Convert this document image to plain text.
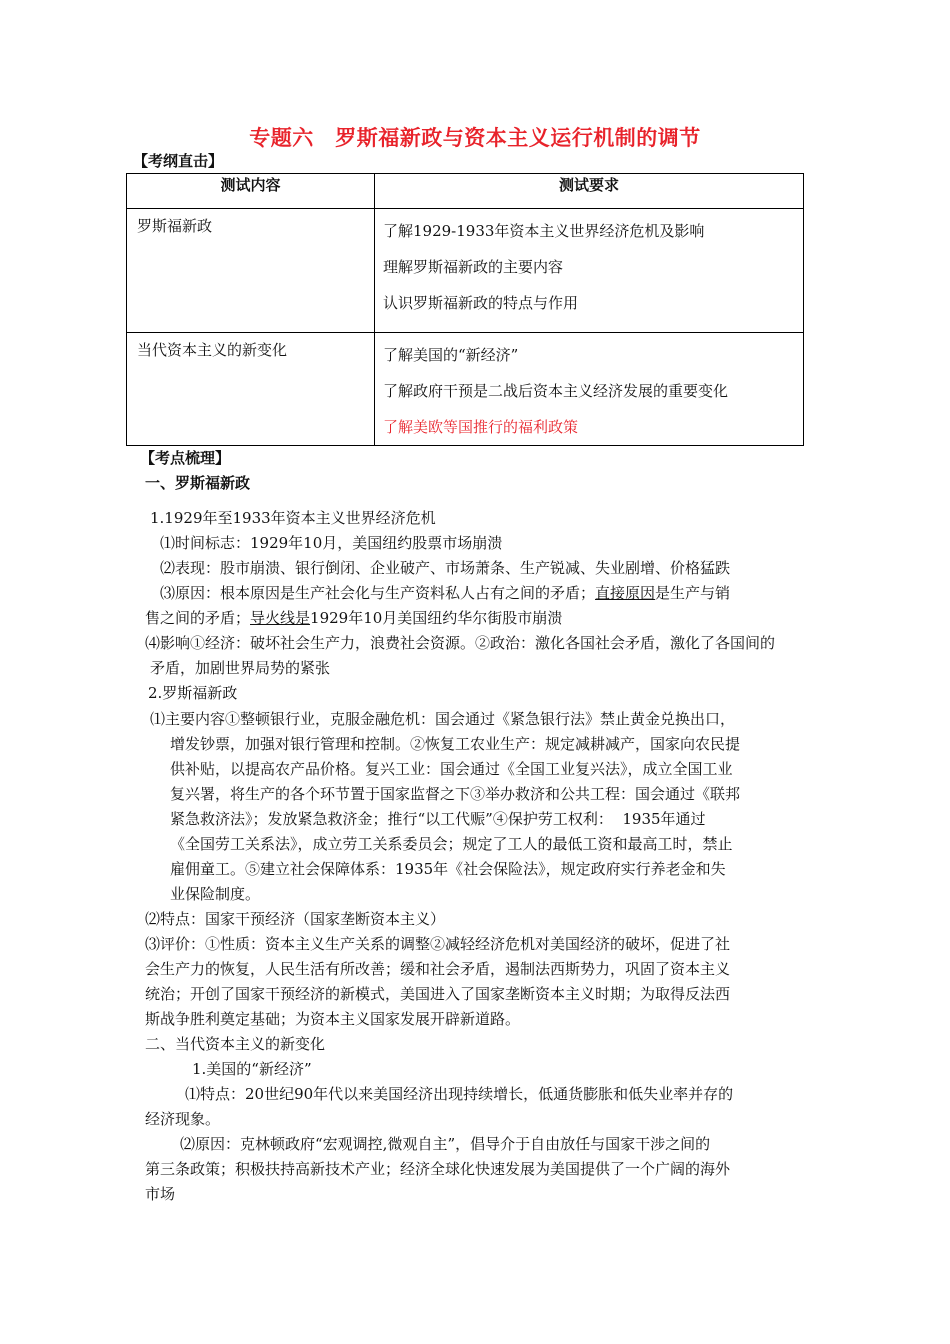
专题六　罗斯福新政与资本主义运行机制的调节
【考纲直击】
测试内容	测试要求
罗斯福新政	了解1929-1933年资本主义世界经济危机及影响

理解罗斯福新政的主要内容

认识罗斯福新政的特点与作用

当代资本主义的新变化	了解美国的“新经济”

了解政府干预是二战后资本主义经济发展的重要变化

了解美欧等国推行的福利政策

【考点梳理】
一、罗斯福新政
1.1929年至1933年资本主义世界经济危机
⑴时间标志：1929年10月，美国纽约股票市场崩溃
⑵表现：股市崩溃、银行倒闭、企业破产、市场萧条、生产锐减、失业剧增、价格猛跌
⑶原因：根本原因是生产社会化与生产资料私人占有之间的矛盾；直接原因是生产与销
售之间的矛盾；导火线是1929年10月美国纽约华尔街股市崩溃
⑷影响①经济：破坏社会生产力，浪费社会资源。②政治：激化各国社会矛盾，激化了各国间的
矛盾，加剧世界局势的紧张
2.罗斯福新政
⑴主要内容①整顿银行业，克服金融危机：国会通过《紧急银行法》禁止黄金兑换出口，
增发钞票，加强对银行管理和控制。②恢复工农业生产：规定减耕减产，国家向农民提
供补贴，以提高农产品价格。复兴工业：国会通过《全国工业复兴法》，成立全国工业
复兴署，将生产的各个环节置于国家监督之下③举办救济和公共工程：国会通过《联邦
紧急救济法》；发放紧急救济金；推行“以工代赈”④保护劳工权利：  1935年通过
《全国劳工关系法》，成立劳工关系委员会；规定了工人的最低工资和最高工时，禁止
雇佣童工。⑤建立社会保障体系：1935年《社会保险法》，规定政府实行养老金和失
业保险制度。
⑵特点：国家干预经济（国家垄断资本主义）
⑶评价：①性质：资本主义生产关系的调整②减轻经济危机对美国经济的破坏，促进了社
会生产力的恢复，人民生活有所改善；缓和社会矛盾，遏制法西斯势力，巩固了资本主义
统治；开创了国家干预经济的新模式，美国进入了国家垄断资本主义时期；为取得反法西
斯战争胜利奠定基础；为资本主义国家发展开辟新道路。
二、当代资本主义的新变化
1.美国的“新经济”
⑴特点：20世纪90年代以来美国经济出现持续增长，低通货膨胀和低失业率并存的
经济现象。
⑵原因：克林顿政府“宏观调控,微观自主”，倡导介于自由放任与国家干涉之间的
第三条政策；积极扶持高新技术产业；经济全球化快速发展为美国提供了一个广阔的海外
市场
